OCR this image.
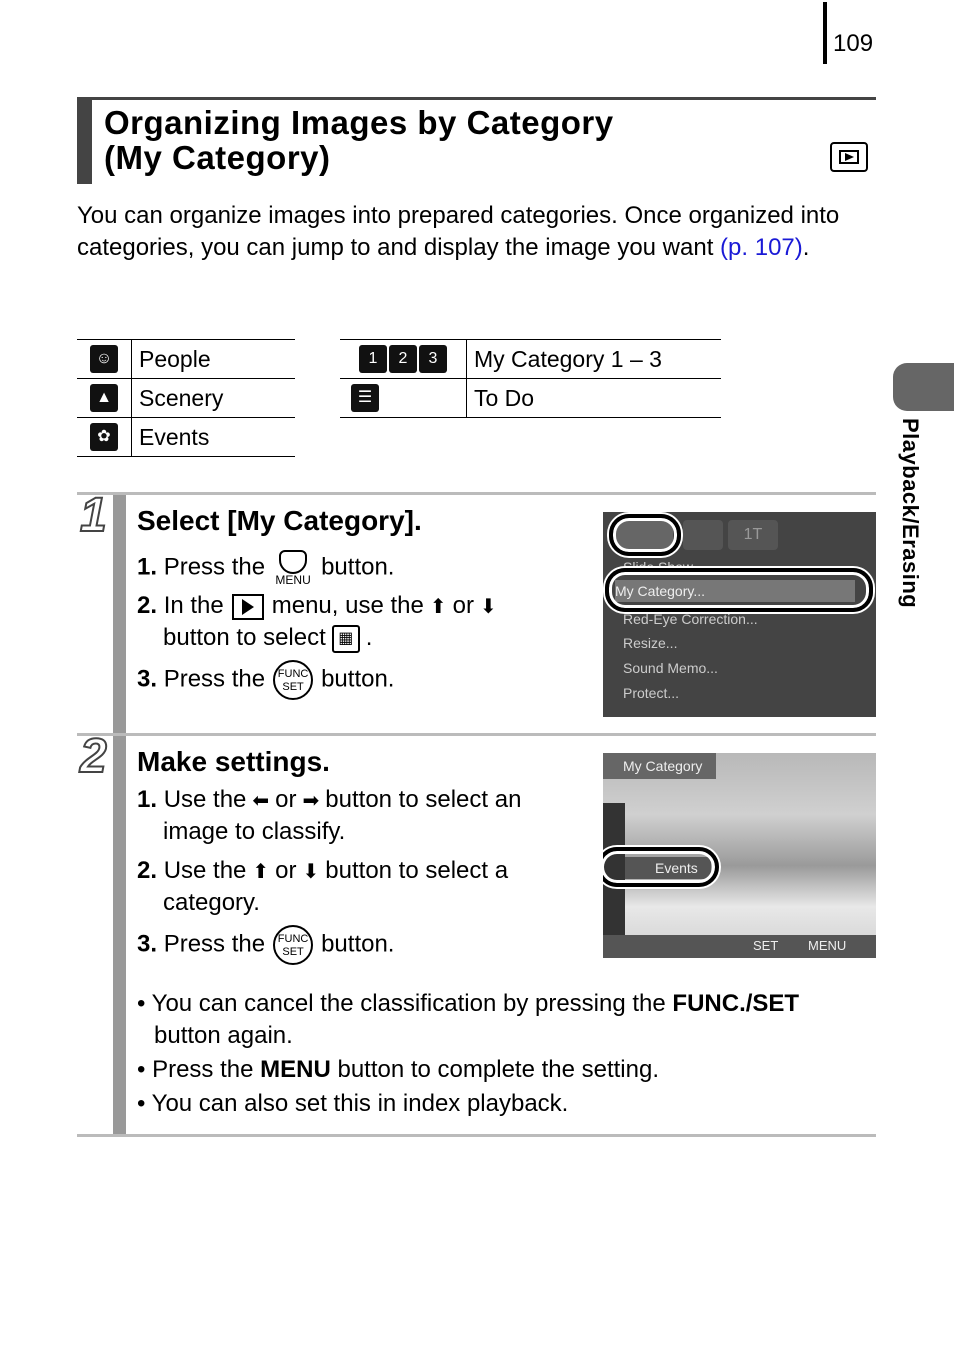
109
Organizing Images by Category
(My Category)
You can organize images into prepared categories. Once organized into categories, you can jump to and display the image you want (p. 107).
☺	People
▲	Scenery
✿	Events
1 2 3	My Category 1 – 3
☰	To Do
Playback/Erasing
1 Select [My Category].
1. Press the MENU button.
2. In the menu, use the ⬆ or ⬇
button to select ▦ .
3. Press the FUNC
SET button.
1T
Slide Show
My Category...
Red-Eye Correction...
Resize...
Sound Memo...
Protect...
2 Make settings.
1. Use the ⬅ or ➡ button to select an
image to classify.
2. Use the ⬆ or ⬇ button to select a
category.
3. Press the FUNC
SET button.
My Category
Events
SET MENU
• You can cancel the classification by pressing the FUNC./SET
button again.
• Press the MENU button to complete the setting.
• You can also set this in index playback.
